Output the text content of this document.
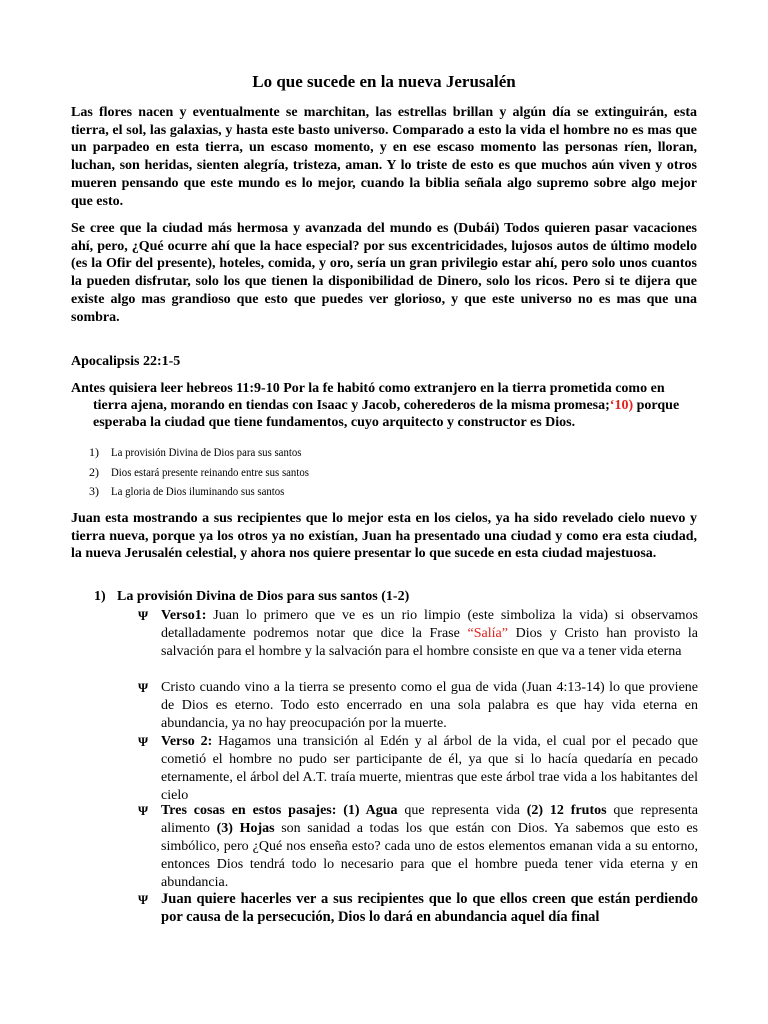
Lo que sucede en la nueva Jerusalén

Las flores nacen y eventualmente se marchitan, las estrellas brillan y algún día se extinguirán, esta tierra, el sol, las galaxias, y hasta este basto universo. Comparado a esto la vida el hombre no es mas que un parpadeo en esta tierra, un escaso momento, y en ese escaso momento las personas ríen, lloran, luchan, son heridas, sienten alegría, tristeza, aman. Y lo triste de esto es que muchos aún viven y otros mueren pensando que este mundo es lo mejor, cuando la biblia señala algo supremo sobre algo mejor que esto.

Se cree que la ciudad más hermosa y avanzada del mundo es (Dubái) Todos quieren pasar vacaciones ahí, pero, ¿Qué ocurre ahí que la hace especial? por sus excentricidades, lujosos autos de último modelo (es la Ofir del presente), hoteles, comida, y oro, sería un gran privilegio estar ahí, pero solo unos cuantos la pueden disfrutar, solo los que tienen la disponibilidad de Dinero, solo los ricos. Pero si te dijera que existe algo mas grandioso que esto que puedes ver glorioso, y que este universo no es mas que una sombra.

Apocalipsis 22:1-5
Antes quisiera leer hebreos 11:9-10 Por la fe habitó como extranjero en la tierra prometida como en tierra ajena, morando en tiendas con Isaac y Jacob, coherederos de la misma promesa;‘10) porque esperaba la ciudad que tiene fundamentos, cuyo arquitecto y constructor es Dios.
1)	La provisión Divina de Dios para sus santos
2)	Dios estará presente reinando entre sus santos
3)	La gloria de Dios iluminando sus santos

Juan esta mostrando a sus recipientes que lo mejor esta en los cielos, ya ha sido revelado cielo nuevo y tierra nueva, porque ya los otros ya no existían, Juan ha presentado una ciudad y como era esta ciudad, la nueva Jerusalén celestial, y ahora nos quiere presentar lo que sucede en esta ciudad majestuosa.

1) La provisión Divina de Dios para sus santos (1-2)
Ψ Verso1: Juan lo primero que ve es un rio limpio (este simboliza la vida) si observamos detalladamente podremos notar que dice la Frase “Salía” Dios y Cristo han provisto la salvación para el hombre y la salvación para el hombre consiste en que va a tener vida eterna
Ψ Cristo cuando vino a la tierra se presento como el gua de vida (Juan 4:13-14) lo que proviene de Dios es eterno. Todo esto encerrado en una sola palabra es que hay vida eterna en abundancia, ya no hay preocupación por la muerte.
Ψ Verso 2: Hagamos una transición al Edén y al árbol de la vida, el cual por el pecado que cometió el hombre no pudo ser participante de él, ya que si lo hacía quedaría en pecado eternamente, el árbol del A.T. traía muerte, mientras que este árbol trae vida a los habitantes del cielo
Ψ Tres cosas en estos pasajes: (1) Agua que representa vida (2) 12 frutos que representa alimento (3) Hojas son sanidad a todas los que están con Dios. Ya sabemos que esto es simbólico, pero ¿Qué nos enseña esto? cada uno de estos elementos emanan vida a su entorno, entonces Dios tendrá todo lo necesario para que el hombre pueda tener vida eterna y en abundancia.
Ψ Juan quiere hacerles ver a sus recipientes que lo que ellos creen que están perdiendo por causa de la persecución, Dios lo dará en abundancia aquel día final
